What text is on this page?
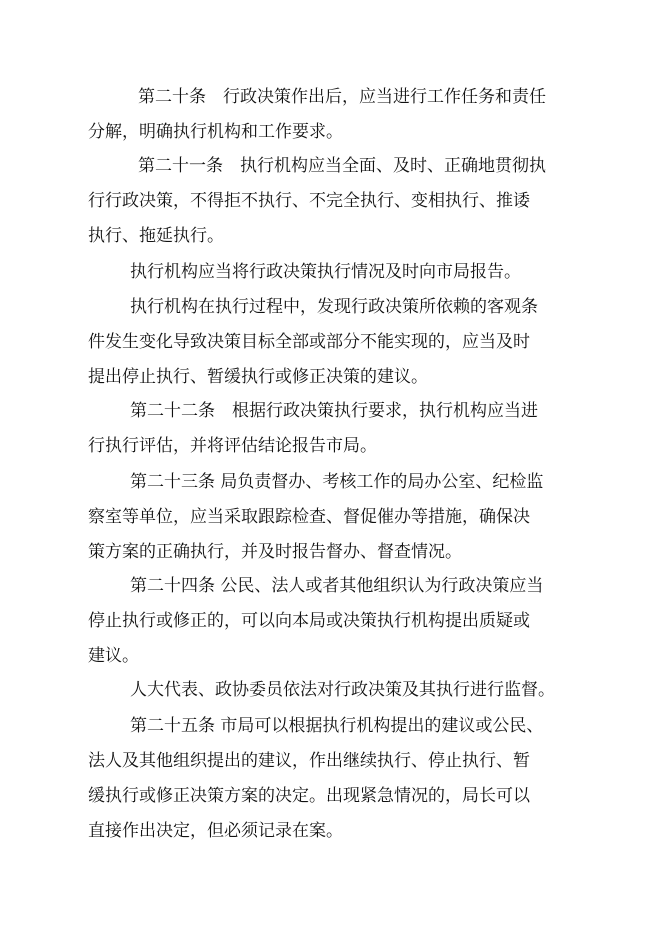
第二十条　行政决策作出后，应当进行工作任务和责任
分解，明确执行机构和工作要求。
第二十一条　执行机构应当全面、及时、正确地贯彻执
行行政决策，不得拒不执行、不完全执行、变相执行、推诿
执行、拖延执行。
执行机构应当将行政决策执行情况及时向市局报告。
执行机构在执行过程中，发现行政决策所依赖的客观条
件发生变化导致决策目标全部或部分不能实现的，应当及时
提出停止执行、暂缓执行或修正决策的建议。
第二十二条　根据行政决策执行要求，执行机构应当进
行执行评估，并将评估结论报告市局。
第二十三条 局负责督办、考核工作的局办公室、纪检监
察室等单位，应当采取跟踪检查、督促催办等措施，确保决
策方案的正确执行，并及时报告督办、督查情况。
第二十四条 公民、法人或者其他组织认为行政决策应当
停止执行或修正的，可以向本局或决策执行机构提出质疑或
建议。
人大代表、政协委员依法对行政决策及其执行进行监督。
第二十五条 市局可以根据执行机构提出的建议或公民、
法人及其他组织提出的建议，作出继续执行、停止执行、暂
缓执行或修正决策方案的决定。出现紧急情况的，局长可以
直接作出决定，但必须记录在案。
